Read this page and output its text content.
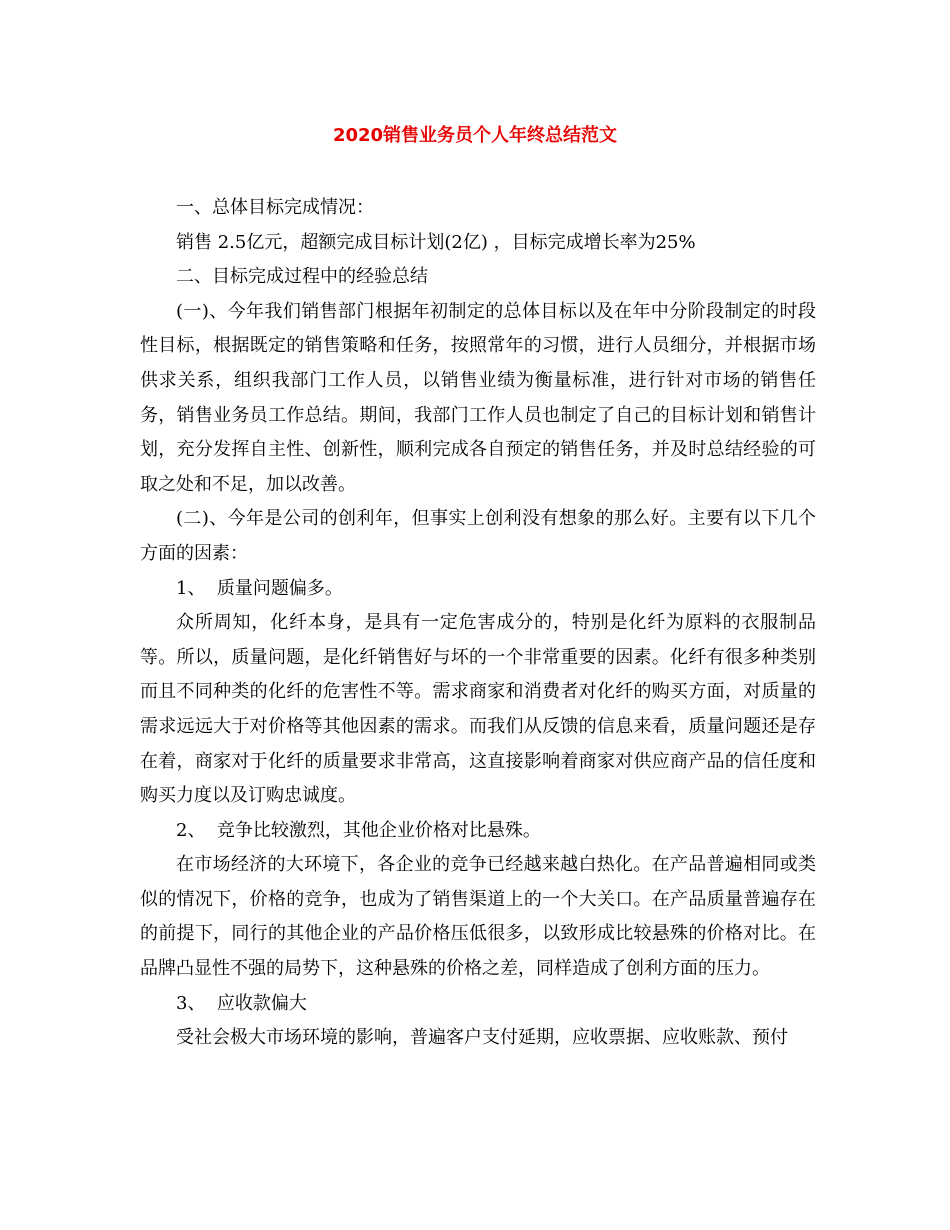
2020销售业务员个人年终总结范文

一、总体目标完成情况：

销售 2.5亿元，超额完成目标计划(2亿) ，目标完成增长率为25%

二、目标完成过程中的经验总结

(一)、今年我们销售部门根据年初制定的总体目标以及在年中分阶段制定的时段性目标，根据既定的销售策略和任务，按照常年的习惯，进行人员细分，并根据市场供求关系，组织我部门工作人员，以销售业绩为衡量标准，进行针对市场的销售任务，销售业务员工作总结。期间，我部门工作人员也制定了自己的目标计划和销售计划，充分发挥自主性、创新性，顺利完成各自预定的销售任务，并及时总结经验的可取之处和不足，加以改善。

(二)、今年是公司的创利年，但事实上创利没有想象的那么好。主要有以下几个方面的因素：

1、  质量问题偏多。

众所周知，化纤本身，是具有一定危害成分的，特别是化纤为原料的衣服制品等。所以，质量问题，是化纤销售好与坏的一个非常重要的因素。化纤有很多种类别而且不同种类的化纤的危害性不等。需求商家和消费者对化纤的购买方面，对质量的需求远远大于对价格等其他因素的需求。而我们从反馈的信息来看，质量问题还是存在着，商家对于化纤的质量要求非常高，这直接影响着商家对供应商产品的信任度和购买力度以及订购忠诚度。

2、  竞争比较激烈，其他企业价格对比悬殊。

在市场经济的大环境下，各企业的竞争已经越来越白热化。在产品普遍相同或类似的情况下，价格的竞争，也成为了销售渠道上的一个大关口。在产品质量普遍存在的前提下，同行的其他企业的产品价格压低很多，以致形成比较悬殊的价格对比。在品牌凸显性不强的局势下，这种悬殊的价格之差，同样造成了创利方面的压力。

3、  应收款偏大

受社会极大市场环境的影响，普遍客户支付延期，应收票据、应收账款、预付
